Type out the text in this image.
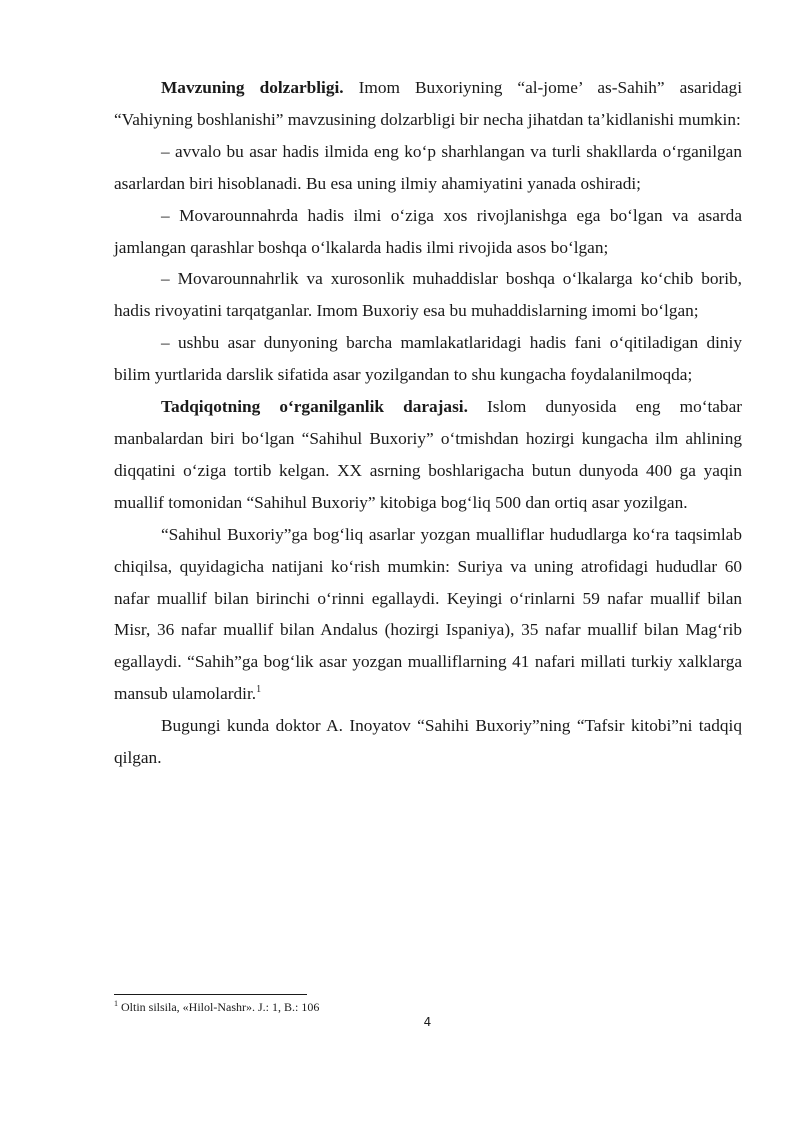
Mavzuning dolzarbligi. Imom Buxoriyning “al-jome’ as-Sahih” asaridagi “Vahiyning boshlanishi” mavzusining dolzarbligi bir necha jihatdan ta’kidlanishi mumkin:

– avvalo bu asar hadis ilmida eng ko‘p sharhlangan va turli shakllarda o‘rganilgan asarlardan biri hisoblanadi. Bu esa uning ilmiy ahamiyatini yanada oshiradi;

– Movarounnahrda hadis ilmi o‘ziga xos rivojlanishga ega bo‘lgan va asarda jamlangan qarashlar boshqa o‘lkalarda hadis ilmi rivojida asos bo‘lgan;

– Movarounnahrlik va xurosonlik muhaddislar boshqa o‘lkalarga ko‘chib borib, hadis rivoyatini tarqatganlar. Imom Buxoriy esa bu muhaddislarning imomi bo‘lgan;

– ushbu asar dunyoning barcha mamlakatlaridagi hadis fani o‘qitiladigan diniy bilim yurtlarida darslik sifatida asar yozilgandan to shu kungacha foydalanilmoqda;

Tadqiqotning o‘rganilganlik darajasi. Islom dunyosida eng mo‘tabar manbalardan biri bo‘lgan “Sahihul Buxoriy” o‘tmishdan hozirgi kungacha ilm ahlining diqqatini o‘ziga tortib kelgan. XX asrning boshlarigacha butun dunyoda 400 ga yaqin muallif tomonidan “Sahihul Buxoriy” kitobiga bog‘liq 500 dan ortiq asar yozilgan.

“Sahihul Buxoriy”ga bog‘liq asarlar yozgan mualliflar hududlarga ko‘ra taqsimlab chiqilsa, quyidagicha natijani ko‘rish mumkin: Suriya va uning atrofidagi hududlar 60 nafar muallif bilan birinchi o‘rinni egallaydi. Keyingi o‘rinlarni 59 nafar muallif bilan Misr, 36 nafar muallif bilan Andalus (hozirgi Ispaniya), 35 nafar muallif bilan Mag‘rib egallaydi. “Sahih”ga bog‘lik asar yozgan mualliflarning 41 nafari millati turkiy xalklarga mansub ulamolardir.$^1$

Bugungi kunda doktor A. Inoyatov “Sahihi Buxoriy”ning “Tafsir kitobi”ni tadqiq qilgan.

$^1$ Oltin silsila, «Hilol-Nashr». J.: 1, B.: 106
4
